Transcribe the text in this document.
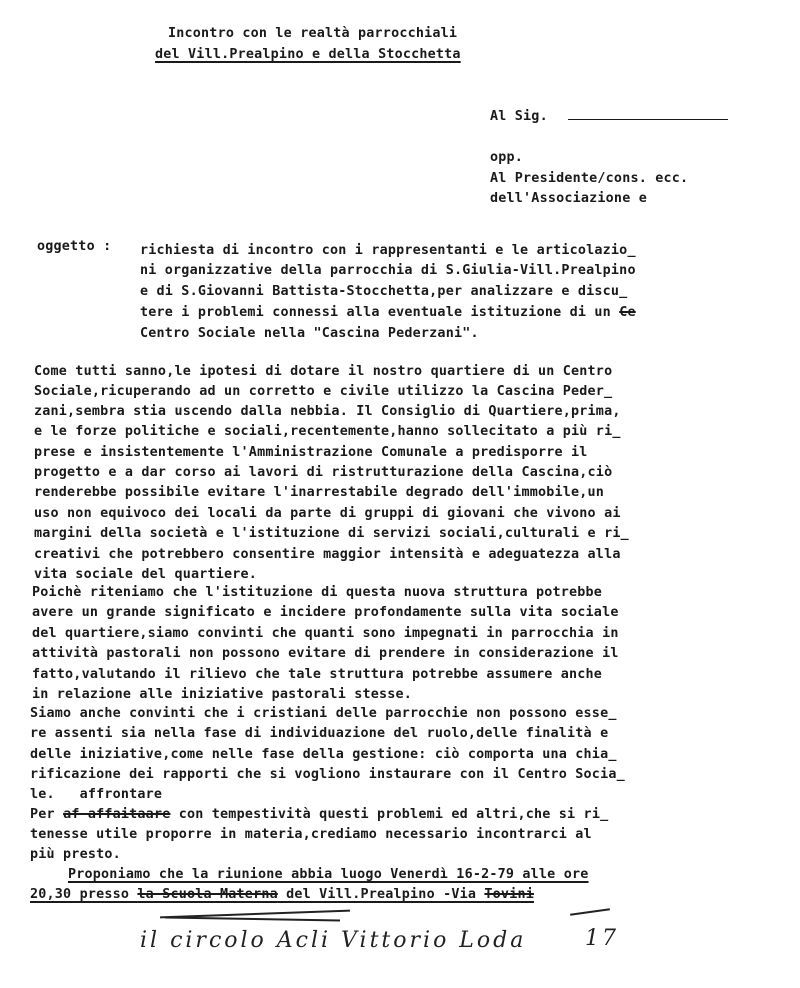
Incontro con le realtà parrocchiali
del Vill.Prealpino e della Stocchetta
Al Sig.
opp.
Al Presidente/cons. ecc.
dell'Associazione e
oggetto : richiesta di incontro con i rappresentanti e le articolazio_
ni organizzative della parrocchia di S.Giulia-Vill.Prealpino
e di S.Giovanni Battista-Stocchetta,per analizzare e discu_
tere i problemi connessi alla eventuale istituzione di un Ce
Centro Sociale nella "Cascina Pederzani".
Come tutti sanno,le ipotesi di dotare il nostro quartiere di un Centro
Sociale,ricuperando ad un corretto e civile utilizzo la Cascina Peder_
zani,sembra stia uscendo dalla nebbia. Il Consiglio di Quartiere,prima,
e le forze politiche e sociali,recentemente,hanno sollecitato a più ri_
prese e insistentemente l'Amministrazione Comunale a predisporre il
progetto e a dar corso ai lavori di ristrutturazione della Cascina,ciò
renderebbe possibile evitare l'inarrestabile degrado dell'immobile,un
uso non equivoco dei locali da parte di gruppi di giovani che vivono ai
margini della società e l'istituzione di servizi sociali,culturali e ri_
creativi che potrebbero consentire maggior intensità e adeguatezza alla
vita sociale del quartiere.
Poichè riteniamo che l'istituzione di questa nuova struttura potrebbe
avere un grande significato e incidere profondamente sulla vita sociale
del quartiere,siamo convinti che quanti sono impegnati in parrocchia in
attività pastorali non possono evitare di prendere in considerazione il
fatto,valutando il rilievo che tale struttura potrebbe assumere anche
in relazione alle iniziative pastorali stesse.
Siamo anche convinti che i cristiani delle parrocchie non possono esse_
re assenti sia nella fase di individuazione del ruolo,delle finalità e
delle iniziative,come nelle fase della gestione: ciò comporta una chia_
rificazione dei rapporti che si vogliono instaurare con il Centro Socia_
le.   affrontare
Per af affaitaare con tempestività questi problemi ed altri,che si ri_
tenesse utile proporre in materia,crediamo necessario incontrarci al
più presto.
Proponiamo che la riunione abbia luogo Venerdì 16-2-79 alle ore
20,30 presso la Scuola Materna del Vill.Prealpino -Via Tovini
il circolo Acli Vittorio Loda	17
